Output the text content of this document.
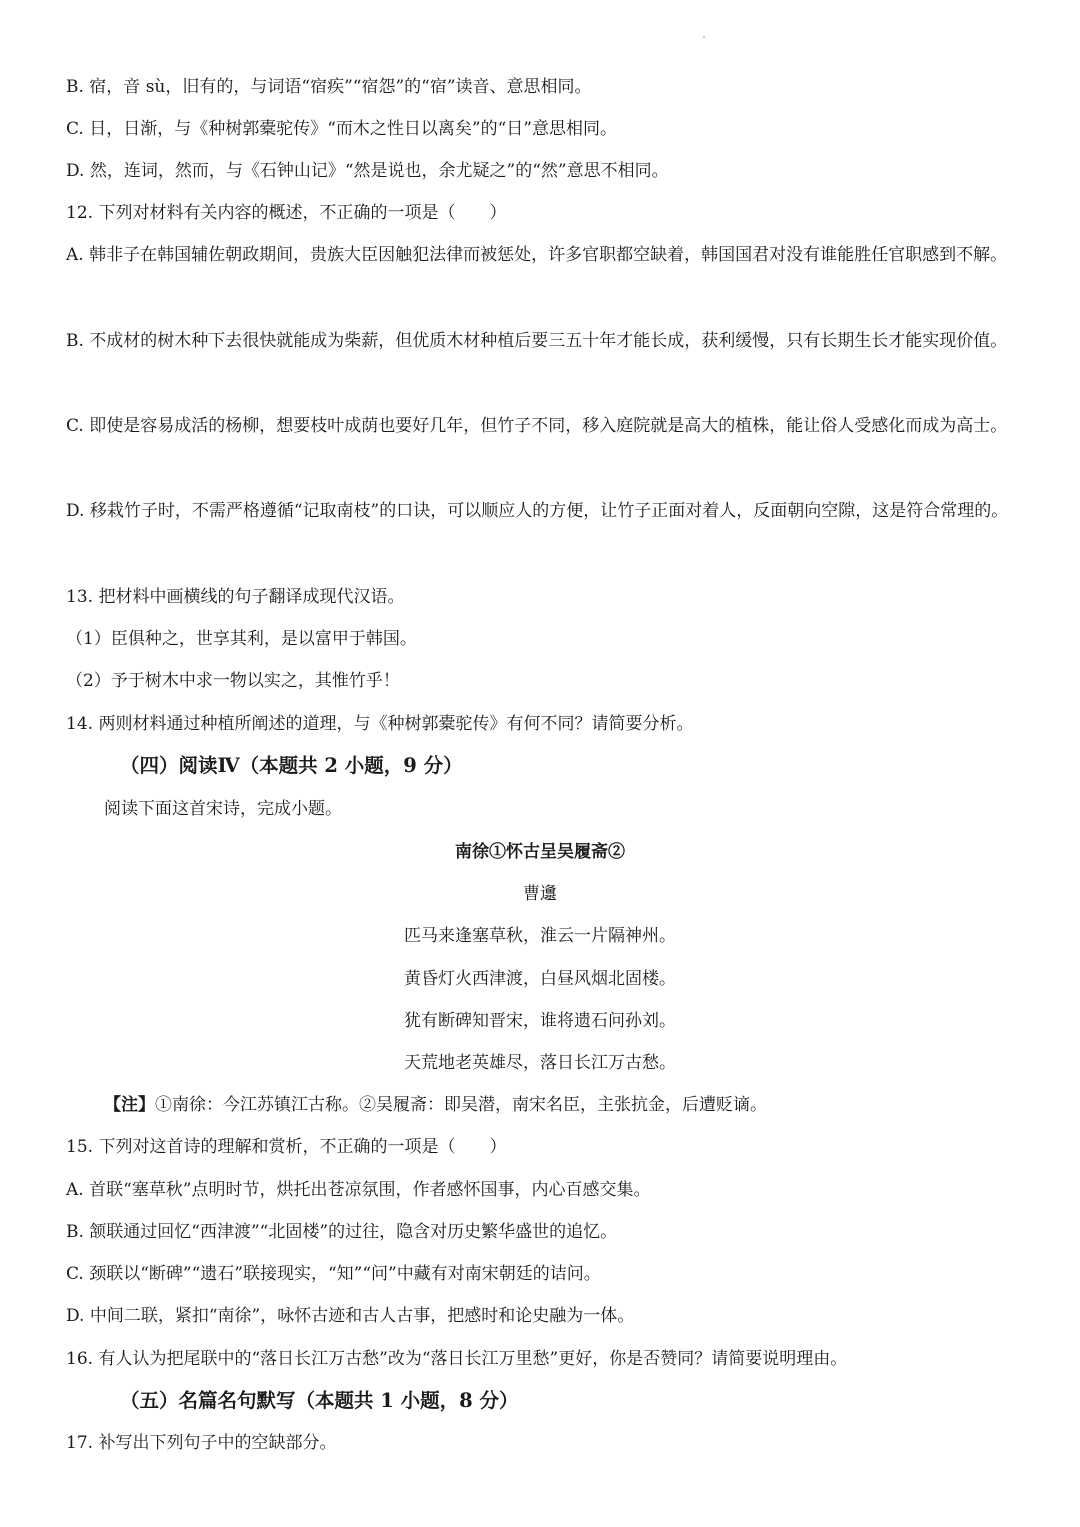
B. 宿，音 sù，旧有的，与词语“宿疾”“宿怨”的“宿”读音、意思相同。
C. 日，日渐，与《种树郭橐驼传》“而木之性日以离矣”的“日”意思相同。
D. 然，连词，然而，与《石钟山记》“然是说也，余尤疑之”的“然”意思不相同。
12. 下列对材料有关内容的概述，不正确的一项是（　　）
A. 韩非子在韩国辅佐朝政期间，贵族大臣因触犯法律而被惩处，许多官职都空缺着，韩国国君对没有谁能胜任官职感到不解。
B. 不成材的树木种下去很快就能成为柴薪，但优质木材种植后要三五十年才能长成，获利缓慢，只有长期生长才能实现价值。
C. 即使是容易成活的杨柳，想要枝叶成荫也要好几年，但竹子不同，移入庭院就是高大的植株，能让俗人受感化而成为高士。
D. 移栽竹子时，不需严格遵循“记取南枝”的口诀，可以顺应人的方便，让竹子正面对着人，反面朝向空隙，这是符合常理的。
13. 把材料中画横线的句子翻译成现代汉语。
（1）臣俱种之，世享其利，是以富甲于韩国。
（2）予于树木中求一物以实之，其惟竹乎！
14. 两则材料通过种植所阐述的道理，与《种树郭橐驼传》有何不同？请简要分析。
（四）阅读Ⅳ（本题共 2 小题，9 分）
阅读下面这首宋诗，完成小题。
南徐①怀古呈吴履斋②
曹邍
匹马来逢塞草秋，淮云一片隔神州。
黄昏灯火西津渡，白昼风烟北固楼。
犹有断碑知晋宋，谁将遗石问孙刘。
天荒地老英雄尽，落日长江万古愁。
【注】①南徐：今江苏镇江古称。②吴履斋：即吴潜，南宋名臣，主张抗金，后遭贬谪。
15. 下列对这首诗的理解和赏析，不正确的一项是（　　）
A. 首联“塞草秋”点明时节，烘托出苍凉氛围，作者感怀国事，内心百感交集。
B. 颔联通过回忆“西津渡”“北固楼”的过往，隐含对历史繁华盛世的追忆。
C. 颈联以“断碑”“遗石”联接现实，“知”“问”中藏有对南宋朝廷的诘问。
D. 中间二联，紧扣“南徐”，咏怀古迹和古人古事，把感时和论史融为一体。
16. 有人认为把尾联中的“落日长江万古愁”改为“落日长江万里愁”更好，你是否赞同？请简要说明理由。
（五）名篇名句默写（本题共 1 小题，8 分）
17. 补写出下列句子中的空缺部分。
